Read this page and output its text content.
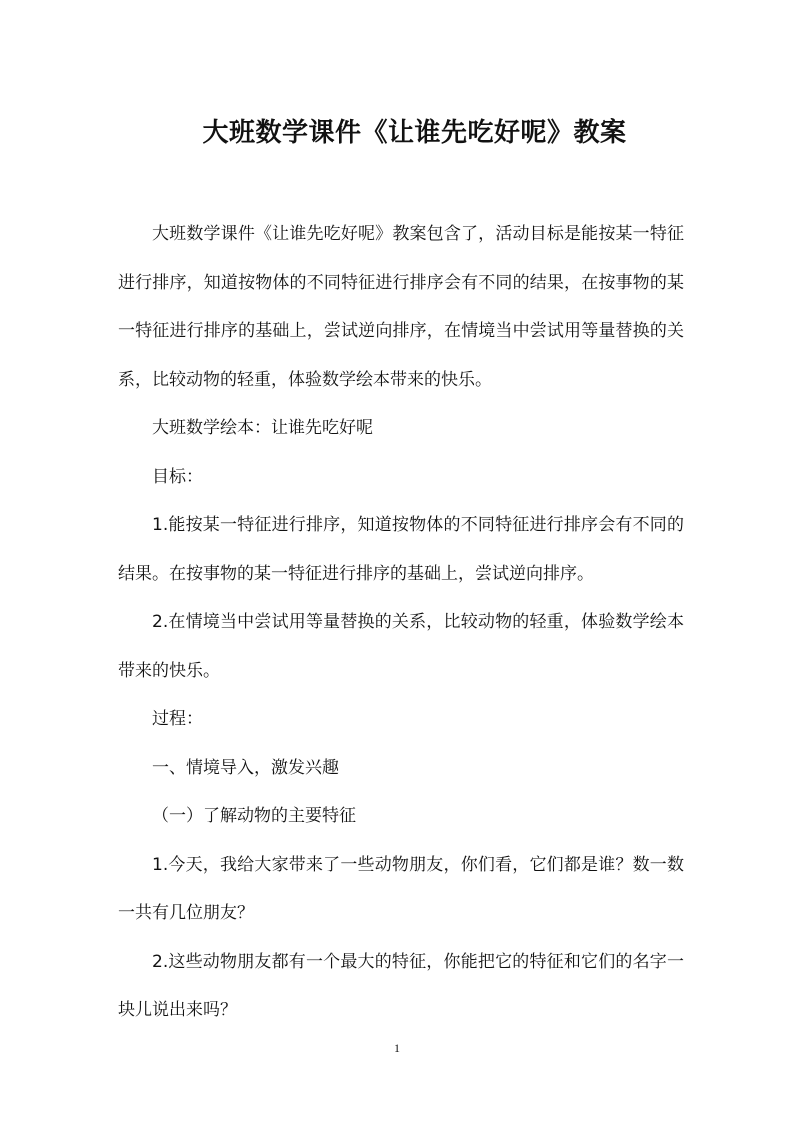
大班数学课件《让谁先吃好呢》教案

大班数学课件《让谁先吃好呢》教案包含了，活动目标是能按某一特征进行排序，知道按物体的不同特征进行排序会有不同的结果，在按事物的某一特征进行排序的基础上，尝试逆向排序，在情境当中尝试用等量替换的关系，比较动物的轻重，体验数学绘本带来的快乐。

大班数学绘本：让谁先吃好呢

目标：

1.能按某一特征进行排序，知道按物体的不同特征进行排序会有不同的结果。在按事物的某一特征进行排序的基础上，尝试逆向排序。

2.在情境当中尝试用等量替换的关系，比较动物的轻重，体验数学绘本带来的快乐。

过程：

一、情境导入，激发兴趣

（一）了解动物的主要特征

1.今天，我给大家带来了一些动物朋友，你们看，它们都是谁？数一数一共有几位朋友？

2.这些动物朋友都有一个最大的特征，你能把它的特征和它们的名字一块儿说出来吗？

1
